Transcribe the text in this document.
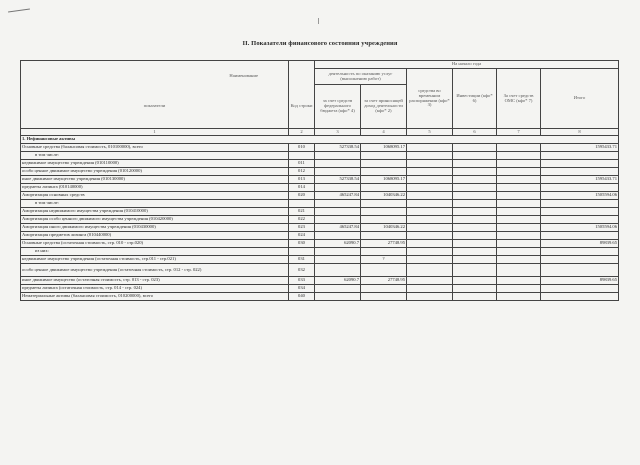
II. Показатели финансового состояния учреждения
		На начало года					
Наименование		деятельность по оказанию услуг (выполнению работ)		средства во временном распоряжении (кфо* 3)	Инвестиции (кфо* 6)	За счет средств ОМС (кфо* 7)	Итого
показатели	Код строки	за счет средств федерального бюджета (кфо* 4)	за счет приносящей доход деятельности (кфо* 2)				
1	2	3	4	5	6	7	8
1. Нефинансовые активы							
Основные средства (балансовая стоимость, 010100000), всего	010	527338.54	1068095.17				1595433.71
в том числе:							
недвижимое имущество учреждения (010110000)	011						
особо ценное движимое имущество учреждения (010120000)	012						
иное движимое имущество учреждения (010130000)	013	527338.54	1068095.17				1595433.71
предметы лизинга (010140000)	014						
Амортизация основных средств	020	465247.84	1040346.22				1505594.06
в том числе:							
Амортизация недвижимого имущества учреждения (010410000)	021						
Амортизация особо ценного движимого имущества учреждения (010420000)	022						
Амортизация иного движимого имущества учреждения (010430000)	023	465247.84	1040346.22				1505594.06
Амортизация предметов лизинга (010440000)	024						
Основные средства (остаточная стоимость, стр. 010 - стр.020)	030	62090.7	27748.95				89839.65
из них:							
недвижимое имущество учреждения (остаточная стоимость, стр.011 - стр.021)	031		?				
особо ценное движимое имущество учреждения (остаточная стоимость, стр. 012 - стр. 022)	032						
иное движимое имущество (остаточная стоимость, стр. 013 - стр. 023)	033	62090.7	27748.95				89839.65
предметы лизинга (остаточная стоимость, стр. 014 - стр. 024)	034						
Нематериальные активы (балансовая стоимость, 010200000), всего	040						
